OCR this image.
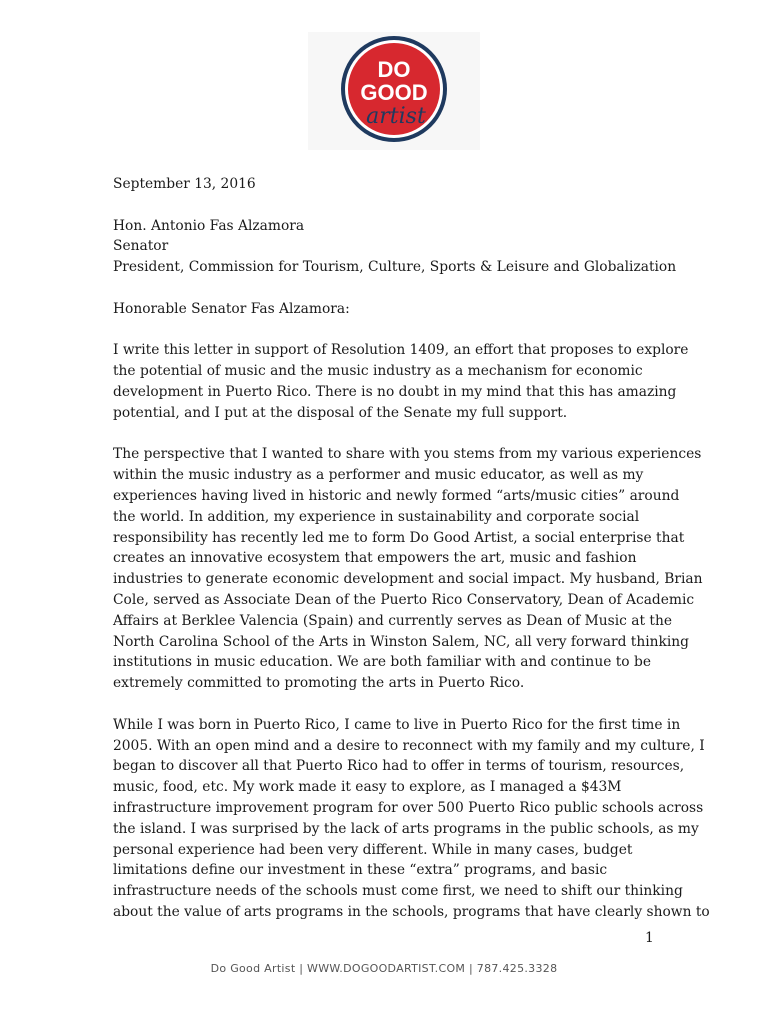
DO
GOOD
artist

September 13, 2016

Hon. Antonio Fas Alzamora
Senator
President, Commission for Tourism, Culture, Sports & Leisure and Globalization

Honorable Senator Fas Alzamora:

I write this letter in support of Resolution 1409, an effort that proposes to explore
the potential of music and the music industry as a mechanism for economic
development in Puerto Rico. There is no doubt in my mind that this has amazing
potential, and I put at the disposal of the Senate my full support.

The perspective that I wanted to share with you stems from my various experiences
within the music industry as a performer and music educator, as well as my
experiences having lived in historic and newly formed “arts/music cities” around
the world. In addition, my experience in sustainability and corporate social
responsibility has recently led me to form Do Good Artist, a social enterprise that
creates an innovative ecosystem that empowers the art, music and fashion
industries to generate economic development and social impact. My husband, Brian
Cole, served as Associate Dean of the Puerto Rico Conservatory, Dean of Academic
Affairs at Berklee Valencia (Spain) and currently serves as Dean of Music at the
North Carolina School of the Arts in Winston Salem, NC, all very forward thinking
institutions in music education. We are both familiar with and continue to be
extremely committed to promoting the arts in Puerto Rico.

While I was born in Puerto Rico, I came to live in Puerto Rico for the first time in
2005. With an open mind and a desire to reconnect with my family and my culture, I
began to discover all that Puerto Rico had to offer in terms of tourism, resources,
music, food, etc. My work made it easy to explore, as I managed a $43M
infrastructure improvement program for over 500 Puerto Rico public schools across
the island. I was surprised by the lack of arts programs in the public schools, as my
personal experience had been very different. While in many cases, budget
limitations define our investment in these “extra” programs, and basic
infrastructure needs of the schools must come first, we need to shift our thinking
about the value of arts programs in the schools, programs that have clearly shown to

1
Do Good Artist | WWW.DOGOODARTIST.COM | 787.425.3328
